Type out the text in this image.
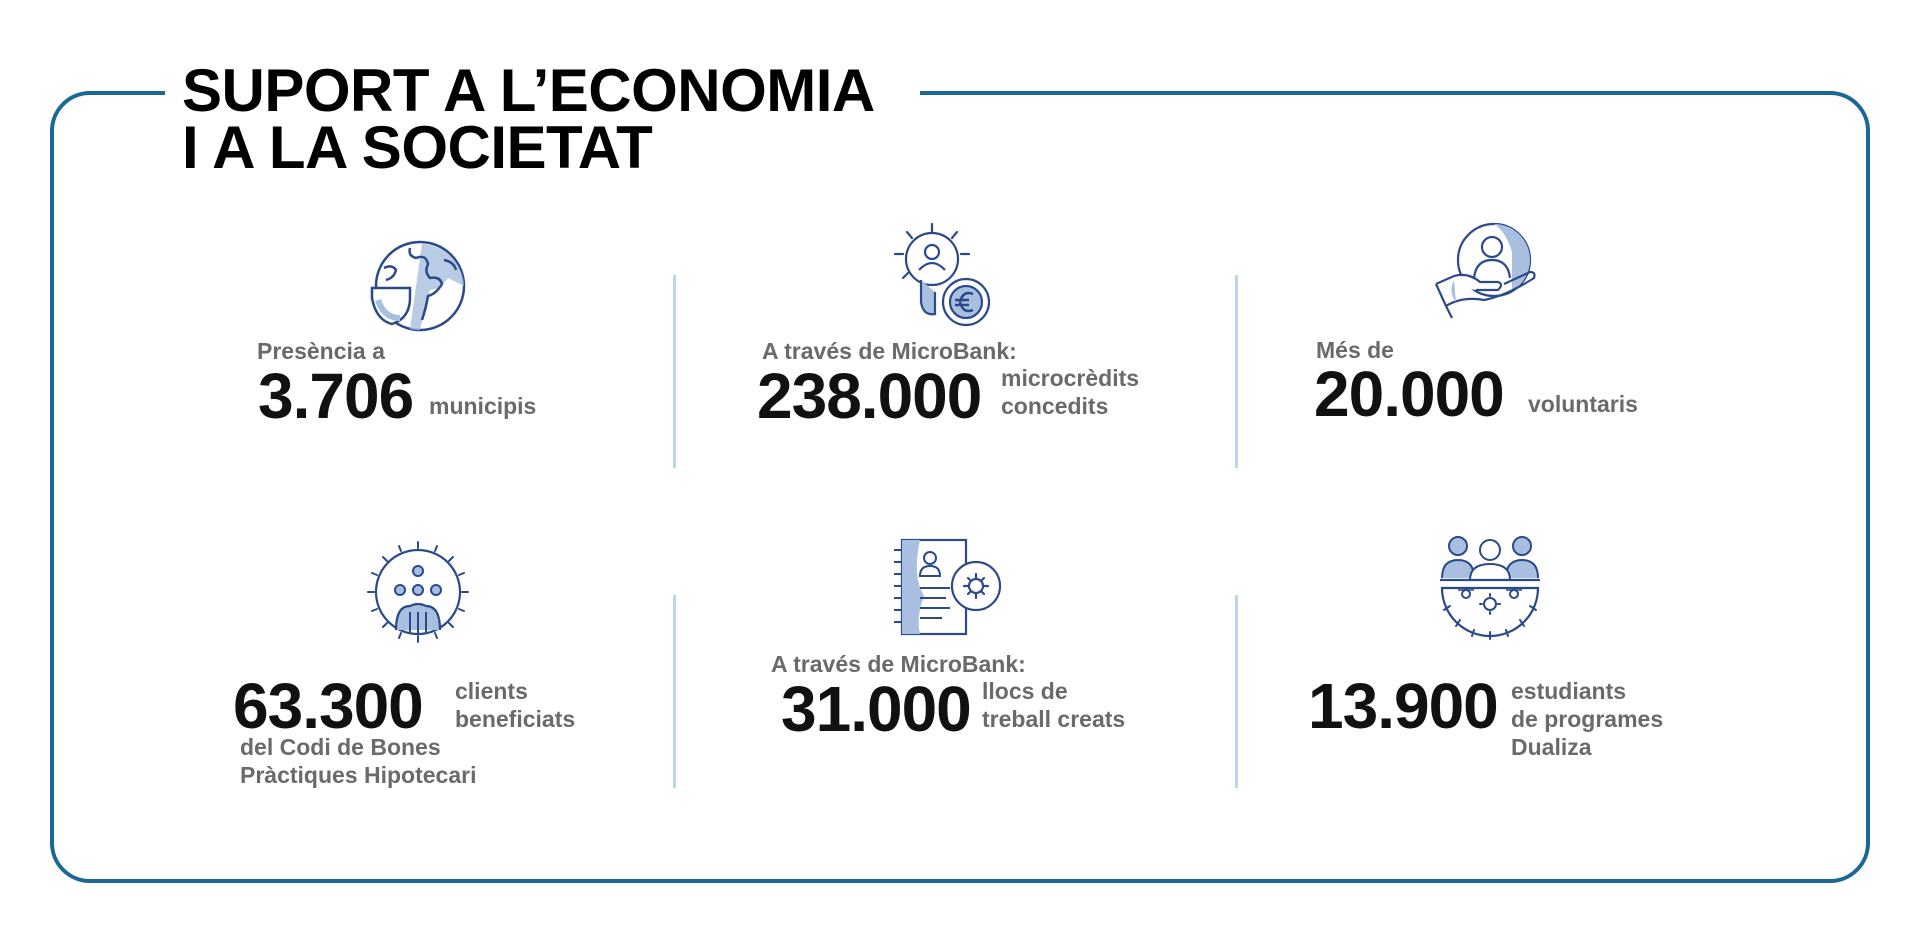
SUPORT A L’ECONOMIA
I A LA SOCIETAT
Presència a
3.706 municipis
A través de MicroBank:
238.000 microcrèdits
concedits
Més de
20.000 voluntaris
63.300 clients
beneficiats
del Codi de Bones
Pràctiques Hipotecari
A través de MicroBank:
31.000 llocs de
treball creats	13.900 estudiants
de programes
Dualiza
